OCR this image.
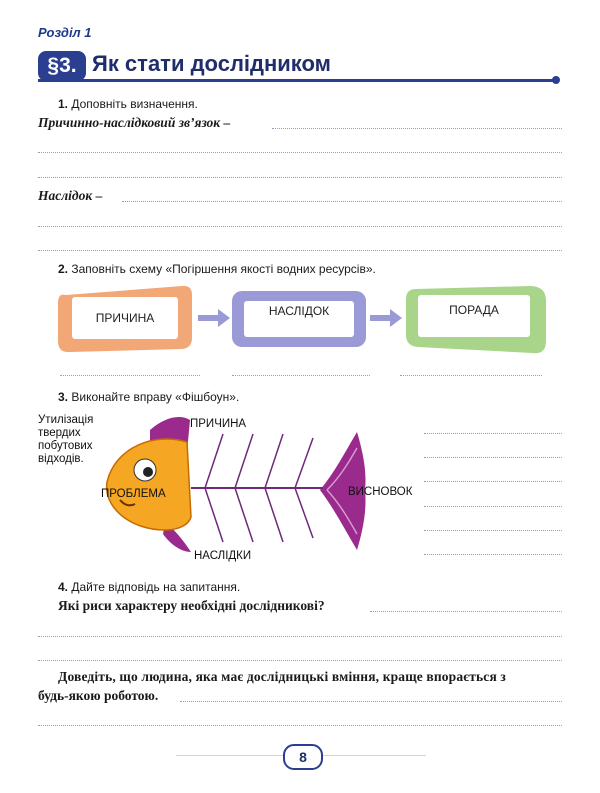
Розділ 1
§3. Як стати дослідником
1. Доповніть визначення.
Причинно-наслідковий зв’язок –
Наслідок –
2. Заповніть схему «Погіршення якості водних ресурсів».
ПРИЧИНА	НАСЛІДОК	ПОРАДА
3. Виконайте вправу «Фішбоун».
Утилізація твердих побутових відходів.
ПРИЧИНА
ПРОБЛЕМА	ВИСНОВОК
НАСЛІДКИ
4. Дайте відповідь на запитання.
Які риси характеру необхідні дослідникові?
Доведіть, що людина, яка має дослідницькі вміння, краще впорається з
будь-якою роботою.
8
